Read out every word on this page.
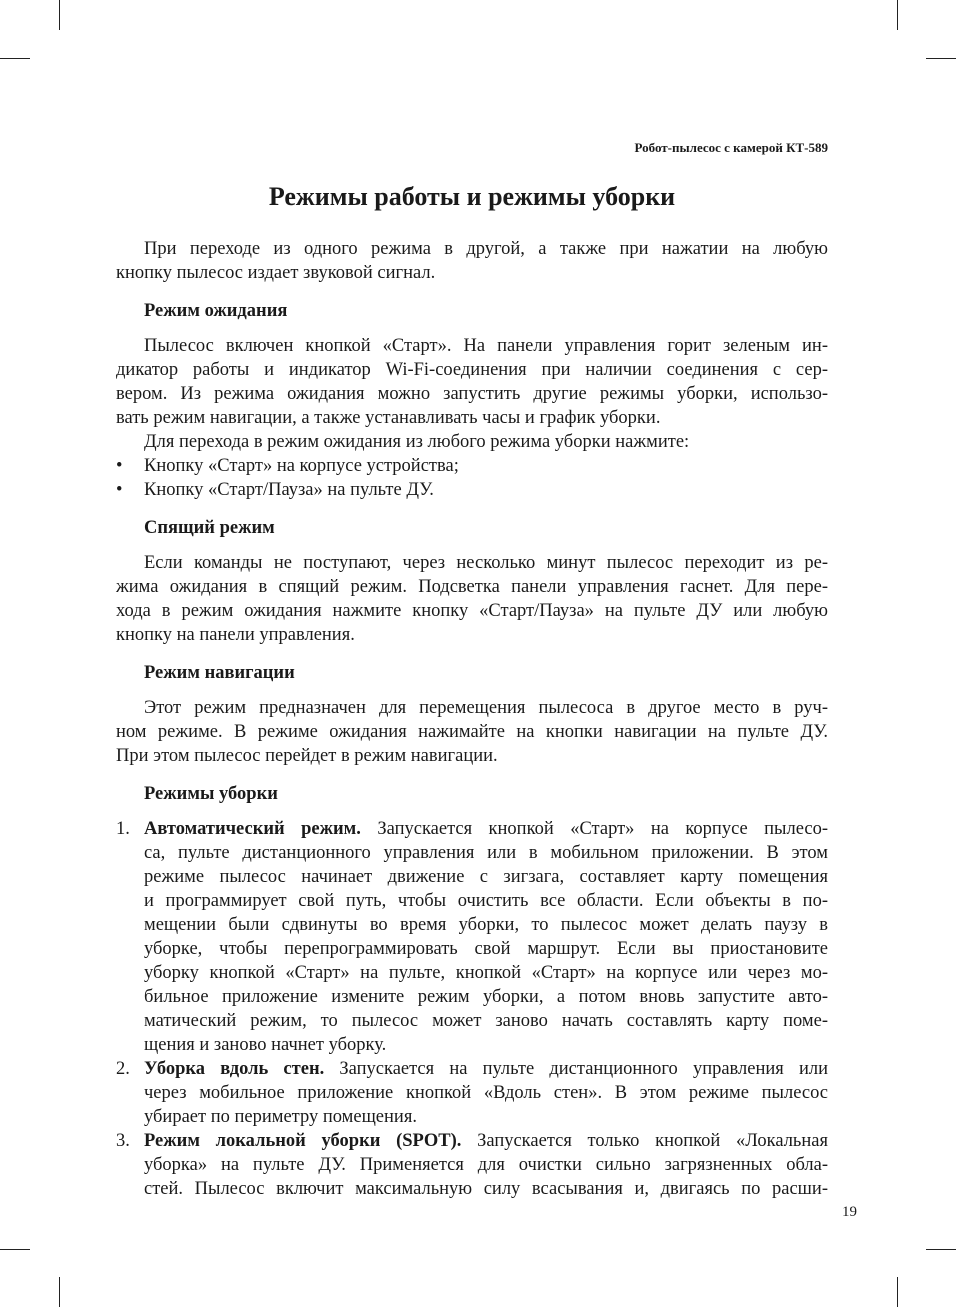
Робот-пылесос с камерой КТ-589
Режимы работы и режимы уборки
При переходе из одного режима в другой, а также при нажатии на любую
кнопку пылесос издает звуковой сигнал.
Режим ожидания
Пылесос включен кнопкой «Старт». На панели управления горит зеленым ин-
дикатор работы и индикатор Wi-Fi-соединения при наличии соединения с сер-
вером. Из режима ожидания можно запустить другие режимы уборки, использо-
вать режим навигации, а также устанавливать часы и график уборки.
Для перехода в режим ожидания из любого режима уборки нажмите:
• Кнопку «Старт» на корпусе устройства;
• Кнопку «Старт/Пауза» на пульте ДУ.
Спящий режим
Если команды не поступают, через несколько минут пылесос переходит из ре-
жима ожидания в спящий режим. Подсветка панели управления гаснет. Для пере-
хода в режим ожидания нажмите кнопку «Старт/Пауза» на пульте ДУ или любую
кнопку на панели управления.
Режим навигации
Этот режим предназначен для перемещения пылесоса в другое место в руч-
ном режиме. В режиме ожидания нажимайте на кнопки навигации на пульте ДУ.
При этом пылесос перейдет в режим навигации.
Режимы уборки
1. Автоматический режим. Запускается кнопкой «Старт» на корпусе пылесо-
са, пульте дистанционного управления или в мобильном приложении. В этом
режиме пылесос начинает движение с зигзага, составляет карту помещения
и программирует свой путь, чтобы очистить все области. Если объекты в по-
мещении были сдвинуты во время уборки, то пылесос может делать паузу в
уборке, чтобы перепрограммировать свой маршрут. Если вы приостановите
уборку кнопкой «Старт» на пульте, кнопкой «Старт» на корпусе или через мо-
бильное приложение измените режим уборки, а потом вновь запустите авто-
матический режим, то пылесос может заново начать составлять карту поме-
щения и заново начнет уборку.
2. Уборка вдоль стен. Запускается на пульте дистанционного управления или
через мобильное приложение кнопкой «Вдоль стен». В этом режиме пылесос
убирает по периметру помещения.
3. Режим локальной уборки (SPOT). Запускается только кнопкой «Локальная
уборка» на пульте ДУ. Применяется для очистки сильно загрязненных обла-
стей. Пылесос включит максимальную силу всасывания и, двигаясь по расши-
19
